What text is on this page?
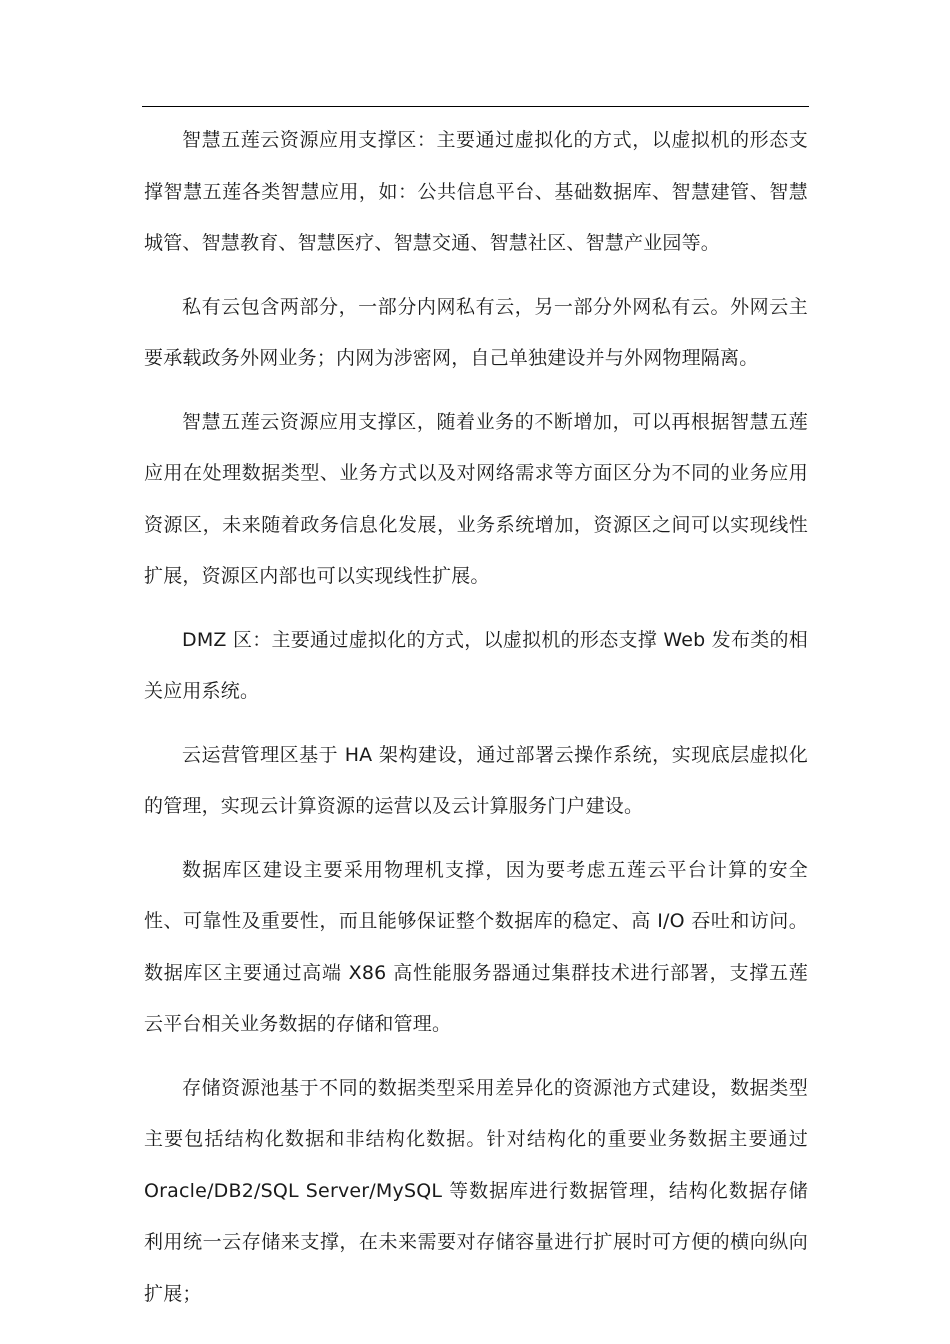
智慧五莲云资源应用支撑区：主要通过虚拟化的方式，以虚拟机的形态支撑智慧五莲各类智慧应用，如：公共信息平台、基础数据库、智慧建管、智慧城管、智慧教育、智慧医疗、智慧交通、智慧社区、智慧产业园等。

私有云包含两部分，一部分内网私有云，另一部分外网私有云。外网云主要承载政务外网业务；内网为涉密网，自己单独建设并与外网物理隔离。

智慧五莲云资源应用支撑区，随着业务的不断增加，可以再根据智慧五莲应用在处理数据类型、业务方式以及对网络需求等方面区分为不同的业务应用资源区，未来随着政务信息化发展，业务系统增加，资源区之间可以实现线性扩展，资源区内部也可以实现线性扩展。

DMZ 区：主要通过虚拟化的方式，以虚拟机的形态支撑 Web 发布类的相关应用系统。

云运营管理区基于 HA 架构建设，通过部署云操作系统，实现底层虚拟化的管理，实现云计算资源的运营以及云计算服务门户建设。

数据库区建设主要采用物理机支撑，因为要考虑五莲云平台计算的安全性、可靠性及重要性，而且能够保证整个数据库的稳定、高 I/O 吞吐和访问。数据库区主要通过高端 X86 高性能服务器通过集群技术进行部署，支撑五莲云平台相关业务数据的存储和管理。

存储资源池基于不同的数据类型采用差异化的资源池方式建设，数据类型主要包括结构化数据和非结构化数据。针对结构化的重要业务数据主要通过 Oracle/DB2/SQL Server/MySQL 等数据库进行数据管理，结构化数据存储利用统一云存储来支撑，在未来需要对存储容量进行扩展时可方便的横向纵向扩展；
